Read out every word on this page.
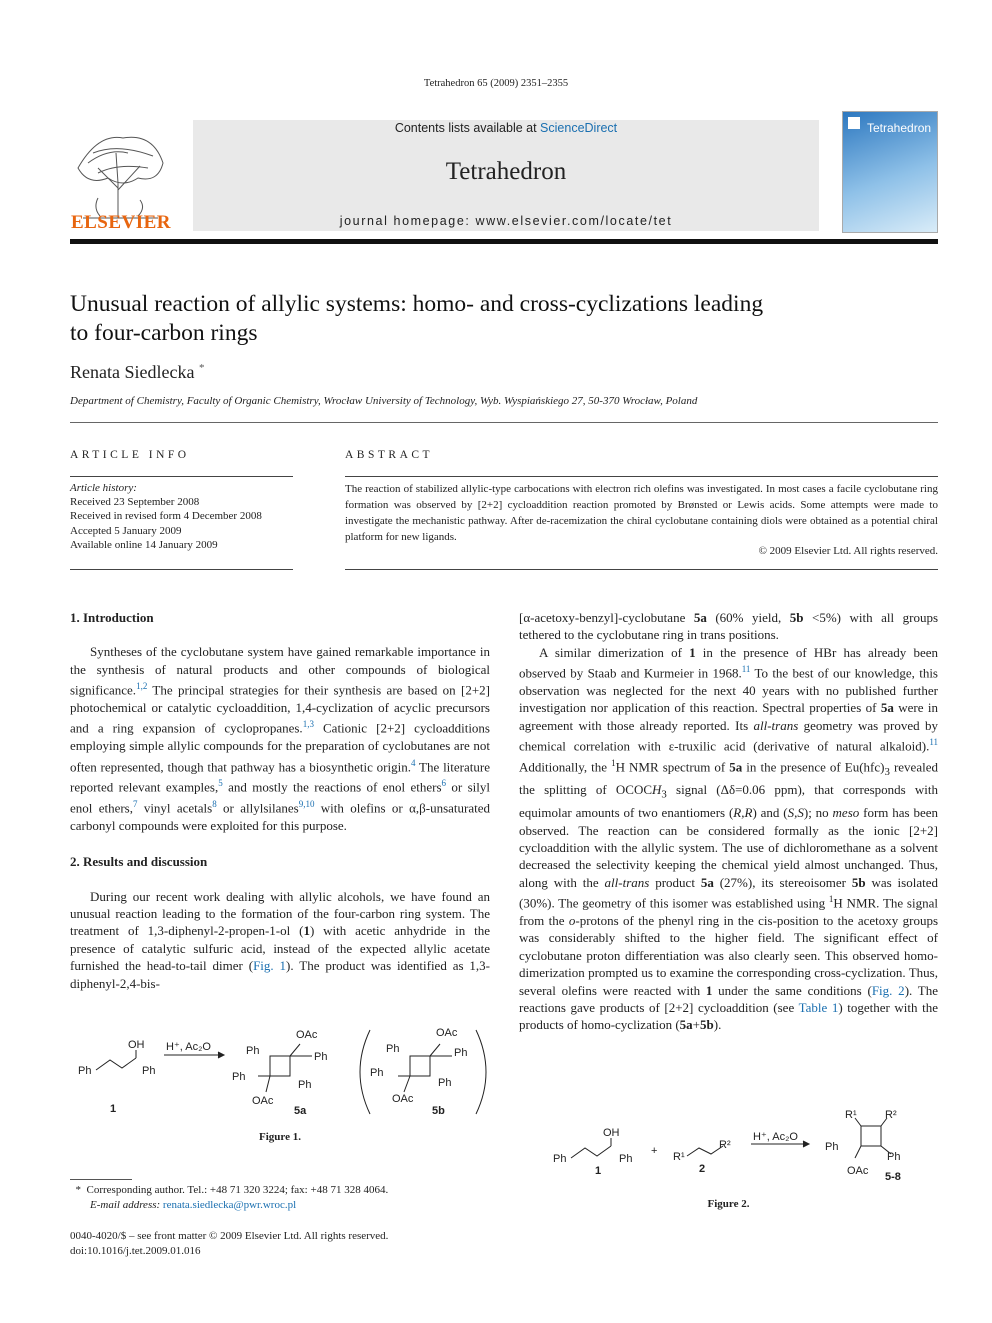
Tetrahedron 65 (2009) 2351–2355
ELSEVIER
Contents lists available at ScienceDirect
Tetrahedron
journal homepage: www.elsevier.com/locate/tet
Tetrahedron
Unusual reaction of allylic systems: homo- and cross-cyclizations leading
to four-carbon rings
Renata Siedlecka *
Department of Chemistry, Faculty of Organic Chemistry, Wrocław University of Technology, Wyb. Wyspiańskiego 27, 50-370 Wrocław, Poland
ARTICLE INFO	ABSTRACT
Article history:
Received 23 September 2008
Received in revised form 4 December 2008
Accepted 5 January 2009
Available online 14 January 2009
The reaction of stabilized allylic-type carbocations with electron rich olefins was investigated. In most cases a facile cyclobutane ring formation was observed by [2+2] cycloaddition reaction promoted by Brønsted or Lewis acids. Some attempts were made to investigate the mechanistic pathway. After de-racemization the chiral cyclobutane containing diols were obtained as a potential chiral platform for new ligands.
© 2009 Elsevier Ltd. All rights reserved.
1. Introduction

Syntheses of the cyclobutane system have gained remarkable importance in the synthesis of natural products and other compounds of biological significance.$^{1,2}$ The principal strategies for their synthesis are based on [2+2] photochemical or catalytic cycloaddition, 1,4-cyclization of acyclic precursors and a ring expansion of cyclopropanes.$^{1,3}$ Cationic [2+2] cycloadditions employing simple allylic compounds for the preparation of cyclobutanes are not often represented, though that pathway has a biosynthetic origin.$^4$ The literature reported relevant examples,$^5$ and mostly the reactions of enol ethers$^6$ or silyl enol ethers,$^7$ vinyl acetals$^8$ or allylsilanes$^{9,10}$ with olefins or α,β-unsaturated carbonyl compounds were exploited for this purpose.

2. Results and discussion

During our recent work dealing with allylic alcohols, we have found an unusual reaction leading to the formation of the four-carbon ring system. The treatment of 1,3-diphenyl-2-propen-1-ol (1) with acetic anhydride in the presence of catalytic sulfuric acid, instead of the expected allylic acetate furnished the head-to-tail dimer (Fig. 1). The product was identified as 1,3-diphenyl-2,4-bis-

OH
Ph	Ph
H⁺, Ac₂O	Ph
OAc
Ph
Ph
Ph
OAc
Ph
OAc
Ph
Ph
Ph
OAc
1	5a	5b
Figure 1.

[α-acetoxy-benzyl]-cyclobutane 5a (60% yield, 5b <5%) with all groups tethered to the cyclobutane ring in trans positions.

A similar dimerization of 1 in the presence of HBr has already been observed by Staab and Kurmeier in 1968.11 To the best of our knowledge, this observation was neglected for the next 40 years with no published further investigation nor application of this reaction. Spectral properties of 5a were in agreement with those already reported. Its all-trans geometry was proved by chemical correlation with ε-truxilic acid (derivative of natural alkaloid).$^{11}$ Additionally, the $^1$H NMR spectrum of 5a in the presence of $Eu(hfc)_3$ revealed the splitting of $OCOCH_3$ signal (Δδ=0.06 ppm), that corresponds with equimolar amounts of two enantiomers (R,R) and (S,S); no meso form has been observed. The reaction can be considered formally as the ionic [2+2] cycloaddition with the allylic system. The use of dichloromethane as a solvent decreased the selectivity keeping the chemical yield almost unchanged. Thus, along with the all-trans product 5a (27%), its stereoisomer 5b was isolated (30%). The geometry of this isomer was established using $^1$H NMR. The signal from the o-protons of the phenyl ring in the cis-position to the acetoxy groups was considerably shifted to the higher field. The significant effect of cyclobutane proton differentiation was also clearly seen. This observed homo-dimerization prompted us to examine the corresponding cross-cyclization. Thus, several olefins were reacted with 1 under the same conditions (Fig. 2). The reactions gave products of [2+2] cycloaddition (see Table 1) together with the products of homo-cyclization (5a+5b).

OH
Ph	Ph
+ R¹
R²
H⁺, Ac₂O
R¹	R²
Ph
Ph
OAc
1	2
5-8
Figure 2.
*  Corresponding author. Tel.: +48 71 320 3224; fax: +48 71 328 4064.
E-mail address: renata.siedlecka@pwr.wroc.pl
0040-4020/$ – see front matter © 2009 Elsevier Ltd. All rights reserved.
doi:10.1016/j.tet.2009.01.016
